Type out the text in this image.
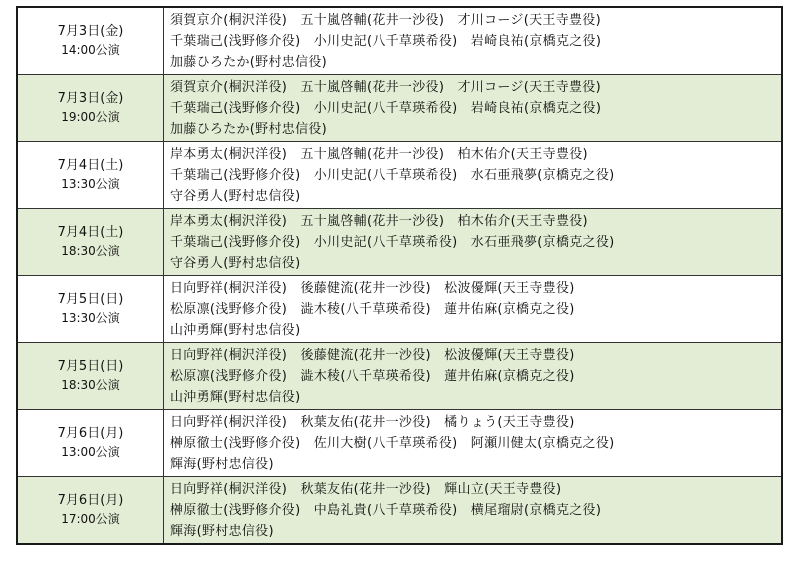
7月3日(金)
14:00公演	須賀京介(桐沢洋役)　五十嵐啓輔(花井一沙役)　才川コージ(天王寺豊役)
千葉瑞己(浅野修介役)　小川史記(八千草瑛希役)　岩崎良祐(京橋克之役)
加藤ひろたか(野村忠信役)

7月3日(金)
19:00公演	須賀京介(桐沢洋役)　五十嵐啓輔(花井一沙役)　才川コージ(天王寺豊役)
千葉瑞己(浅野修介役)　小川史記(八千草瑛希役)　岩崎良祐(京橋克之役)
加藤ひろたか(野村忠信役)

7月4日(土)
13:30公演	岸本勇太(桐沢洋役)　五十嵐啓輔(花井一沙役)　柏木佑介(天王寺豊役)
千葉瑞己(浅野修介役)　小川史記(八千草瑛希役)　水石亜飛夢(京橋克之役)
守谷勇人(野村忠信役)

7月4日(土)
18:30公演	岸本勇太(桐沢洋役)　五十嵐啓輔(花井一沙役)　柏木佑介(天王寺豊役)
千葉瑞己(浅野修介役)　小川史記(八千草瑛希役)　水石亜飛夢(京橋克之役)
守谷勇人(野村忠信役)

7月5日(日)
13:30公演	日向野祥(桐沢洋役)　後藤健流(花井一沙役)　松波優輝(天王寺豊役)
松原凛(浅野修介役)　澁木稜(八千草瑛希役)　蓮井佑麻(京橋克之役)
山沖勇輝(野村忠信役)

7月5日(日)
18:30公演	日向野祥(桐沢洋役)　後藤健流(花井一沙役)　松波優輝(天王寺豊役)
松原凛(浅野修介役)　澁木稜(八千草瑛希役)　蓮井佑麻(京橋克之役)
山沖勇輝(野村忠信役)

7月6日(月)
13:00公演	日向野祥(桐沢洋役)　秋葉友佑(花井一沙役)　橘りょう(天王寺豊役)
榊原徹士(浅野修介役)　佐川大樹(八千草瑛希役)　阿瀬川健太(京橋克之役)
輝海(野村忠信役)

7月6日(月)
17:00公演	日向野祥(桐沢洋役)　秋葉友佑(花井一沙役)　輝山立(天王寺豊役)
榊原徹士(浅野修介役)　中島礼貴(八千草瑛希役)　横尾瑠尉(京橋克之役)
輝海(野村忠信役)
